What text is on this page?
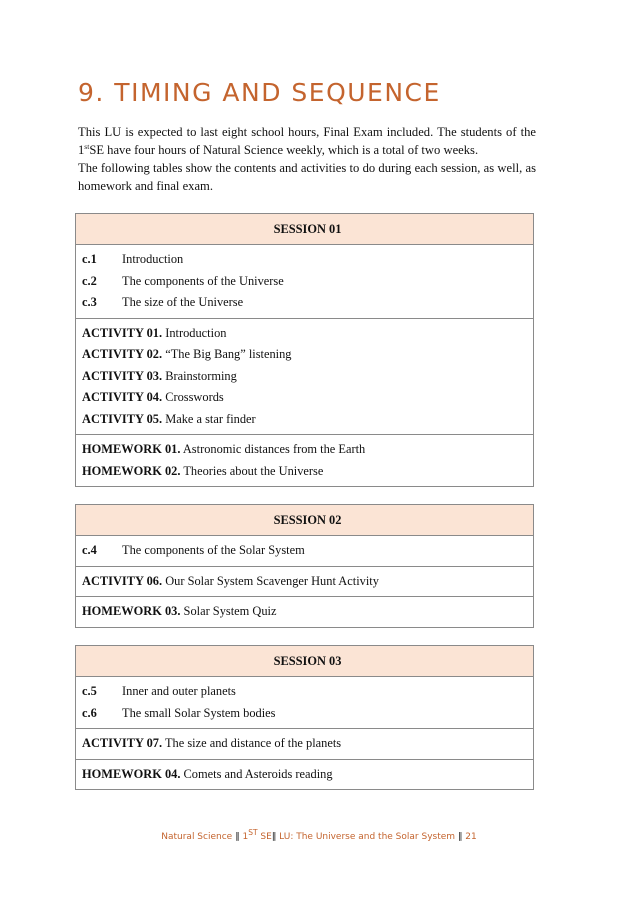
9. TIMING AND SEQUENCE

This LU is expected to last eight school hours, Final Exam included. The students of the 1stSE have four hours of Natural Science weekly, which is a total of two weeks.

The following tables show the contents and activities to do during each session, as well, as homework and final exam.

SESSION 01

c.1 Introduction
c.2 The components of the Universe
c.3 The size of the Universe

ACTIVITY 01. Introduction
ACTIVITY 02. “The Big Bang” listening
ACTIVITY 03. Brainstorming
ACTIVITY 04. Crosswords
ACTIVITY 05. Make a star finder

HOMEWORK 01. Astronomic distances from the Earth
HOMEWORK 02. Theories about the Universe
SESSION 02

c.4 The components of the Solar System

ACTIVITY 06. Our Solar System Scavenger Hunt Activity

HOMEWORK 03. Solar System Quiz
SESSION 03

c.5 Inner and outer planets
c.6 The small Solar System bodies

ACTIVITY 07. The size and distance of the planets

HOMEWORK 04. Comets and Asteroids reading
Natural Science ‖ 1ST SE‖ LU: The Universe and the Solar System ‖ 21
